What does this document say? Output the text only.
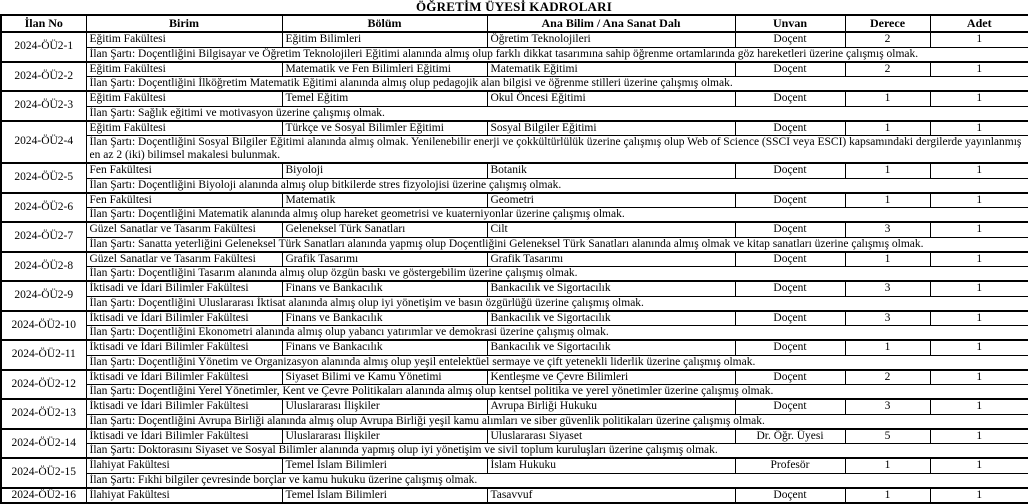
ÖĞRETİM ÜYESİ KADROLARI
İlan No	Birim	Bölüm	Ana Bilim / Ana Sanat Dalı	Unvan	Derece	Adet
2024-ÖÜ2-1	Eğitim Fakültesi	Eğitim Bilimleri	Öğretim Teknolojileri	Doçent	2	1
	İlan Şartı: Doçentliğini Bilgisayar ve Öğretim Teknolojileri Eğitimi alanında almış olup farklı dikkat tasarımına sahip öğrenme ortamlarında göz hareketleri üzerine çalışmış olmak.					
2024-ÖÜ2-2	Eğitim Fakültesi	Matematik ve Fen Bilimleri Eğitimi	Matematik Eğitimi	Doçent	2	1
	İlan Şartı: Doçentliğini İlköğretim Matematik Eğitimi alanında almış olup pedagojik alan bilgisi ve öğrenme stilleri üzerine çalışmış olmak.					
2024-ÖÜ2-3	Eğitim Fakültesi	Temel Eğitim	Okul Öncesi Eğitimi	Doçent	1	1
	İlan Şartı: Sağlık eğitimi ve motivasyon üzerine çalışmış olmak.					
2024-ÖÜ2-4	Eğitim Fakültesi	Türkçe ve Sosyal Bilimler Eğitimi	Sosyal Bilgiler Eğitimi	Doçent	1	1
	İlan Şartı: Doçentliğini Sosyal Bilgiler Eğitimi alanında almış olmak. Yenilenebilir enerji ve çokkültürlülük üzerine çalışmış olup Web of Science (SSCI veya ESCI) kapsamındaki dergilerde yayınlanmış en az 2 (iki) bilimsel makalesi bulunmak.					
2024-ÖÜ2-5	Fen Fakültesi	Biyoloji	Botanik	Doçent	1	1
	İlan Şartı: Doçentliğini Biyoloji alanında almış olup bitkilerde stres fizyolojisi üzerine çalışmış olmak.					
2024-ÖÜ2-6	Fen Fakültesi	Matematik	Geometri	Doçent	1	1
	İlan Şartı: Doçentliğini Matematik alanında almış olup hareket geometrisi ve kuaterniyonlar üzerine çalışmış olmak.					
2024-ÖÜ2-7	Güzel Sanatlar ve Tasarım Fakültesi	Geleneksel Türk Sanatları	Cilt	Doçent	3	1
	İlan Şartı: Sanatta yeterliğini Geleneksel Türk Sanatları alanında yapmış olup Doçentliğini Geleneksel Türk Sanatları alanında almış olmak ve kitap sanatları üzerine çalışmış olmak.					
2024-ÖÜ2-8	Güzel Sanatlar ve Tasarım Fakültesi	Grafik Tasarımı	Grafik Tasarımı	Doçent	1	1
	İlan Şartı: Doçentliğini Tasarım alanında almış olup özgün baskı ve göstergebilim üzerine çalışmış olmak.					
2024-ÖÜ2-9	İktisadi ve İdari Bilimler Fakültesi	Finans ve Bankacılık	Bankacılık ve Sigortacılık	Doçent	3	1
	İlan Şartı: Doçentliğini Uluslararası İktisat alanında almış olup iyi yönetişim ve basın özgürlüğü üzerine çalışmış olmak.					
2024-ÖÜ2-10	İktisadi ve İdari Bilimler Fakültesi	Finans ve Bankacılık	Bankacılık ve Sigortacılık	Doçent	3	1
	İlan Şartı: Doçentliğini Ekonometri alanında almış olup yabancı yatırımlar ve demokrasi üzerine çalışmış olmak.					
2024-ÖÜ2-11	İktisadi ve İdari Bilimler Fakültesi	Finans ve Bankacılık	Bankacılık ve Sigortacılık	Doçent	1	1
	İlan Şartı: Doçentliğini Yönetim ve Organizasyon alanında almış olup yeşil entelektüel sermaye ve çift yetenekli liderlik üzerine çalışmış olmak.					
2024-ÖÜ2-12	İktisadi ve İdari Bilimler Fakültesi	Siyaset Bilimi ve Kamu Yönetimi	Kentleşme ve Çevre Bilimleri	Doçent	2	1
	İlan Şartı: Doçentliğini Yerel Yönetimler, Kent ve Çevre Politikaları alanında almış olup kentsel politika ve yerel yönetimler üzerine çalışmış olmak.					
2024-ÖÜ2-13	İktisadi ve İdari Bilimler Fakültesi	Uluslararası İlişkiler	Avrupa Birliği Hukuku	Doçent	3	1
	İlan Şartı: Doçentliğini Avrupa Birliği alanında almış olup Avrupa Birliği yeşil kamu alımları ve siber güvenlik politikaları üzerine çalışmış olmak.					
2024-ÖÜ2-14	İktisadi ve İdari Bilimler Fakültesi	Uluslararası İlişkiler	Uluslararası Siyaset	Dr. Öğr. Üyesi	5	1
	İlan Şartı: Doktorasını Siyaset ve Sosyal Bilimler alanında yapmış olup iyi yönetişim ve sivil toplum kuruluşları üzerine çalışmış olmak.					
2024-ÖÜ2-15	İlahiyat Fakültesi	Temel İslam Bilimleri	İslam Hukuku	Profesör	1	1
	İlan Şartı: Fıkhi bilgiler çevresinde borçlar ve kamu hukuku üzerine çalışmış olmak.					
2024-ÖÜ2-16	İlahiyat Fakültesi	Temel İslam Bilimleri	Tasavvuf	Doçent	1	1
